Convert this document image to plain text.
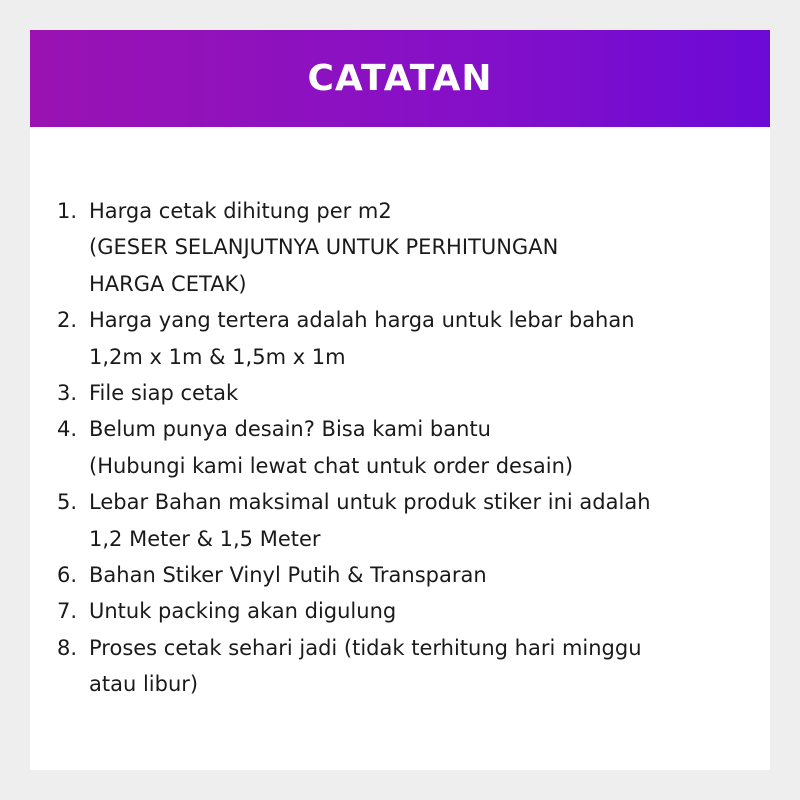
CATATAN
1. Harga cetak dihitung per m2
(GESER SELANJUTNYA UNTUK PERHITUNGAN
HARGA CETAK)
2. Harga yang tertera adalah harga untuk lebar bahan
1,2m x 1m & 1,5m x 1m
3. File siap cetak
4. Belum punya desain? Bisa kami bantu
(Hubungi kami lewat chat untuk order desain)
5. Lebar Bahan maksimal untuk produk stiker ini adalah
1,2 Meter & 1,5 Meter
6. Bahan Stiker Vinyl Putih & Transparan
7. Untuk packing akan digulung
8. Proses cetak sehari jadi (tidak terhitung hari minggu
atau libur)
